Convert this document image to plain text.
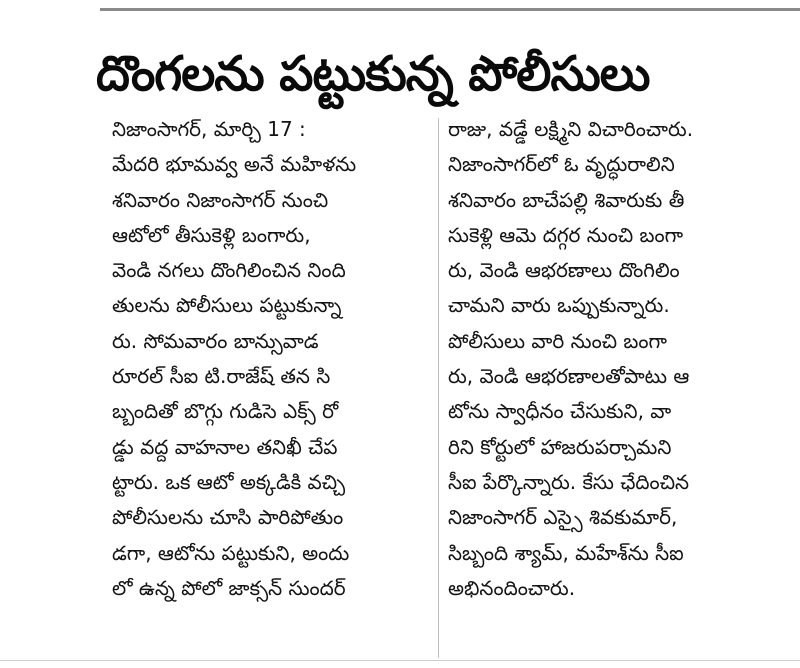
దొంగలను పట్టుకున్న పోలీసులు
నిజాంసాగర్, మార్చి 17 :
మేదరి భూమవ్వ అనే మహిళను
శనివారం నిజాంసాగర్ నుంచి
ఆటోలో తీసుకెళ్లి బంగారు,
వెండి నగలు దొంగిలించిన నింది
తులను పోలీసులు పట్టుకున్నా
రు. సోమవారం బాన్సువాడ
రూరల్ సీఐ టి.రాజేష్ తన సి
బ్బందితో బొగ్గు గుడిసె ఎక్స్ రో
డ్డు వద్ద వాహనాల తనిఖీ చేప
ట్టారు. ఒక ఆటో అక్కడికి వచ్చి
పోలీసులను చూసి పారిపోతుం
డగా, ఆటోను పట్టుకుని, అందు
లో ఉన్న పోలో జాక్సన్ సుందర్
రాజు, వడ్డే లక్ష్మిని విచారించారు.
నిజాంసాగర్‌లో ఓ వృద్ధురాలిని
శనివారం బాచేపల్లి శివారుకు తీ
సుకెళ్లి ఆమె దగ్గర నుంచి బంగా
రు, వెండి ఆభరణాలు దొంగిలిం
చామని వారు ఒప్పుకున్నారు.
పోలీసులు వారి నుంచి బంగా
రు, వెండి ఆభరణాలతోపాటు ఆ
టోను స్వాధీనం చేసుకుని, వా
రిని కోర్టులో హాజరుపర్చామని
సీఐ పేర్కొన్నారు. కేసు ఛేదించిన
నిజాంసాగర్ ఎస్సై శివకుమార్,
సిబ్బంది శ్యామ్, మహేశ్‌ను సీఐ
అభినందించారు.
